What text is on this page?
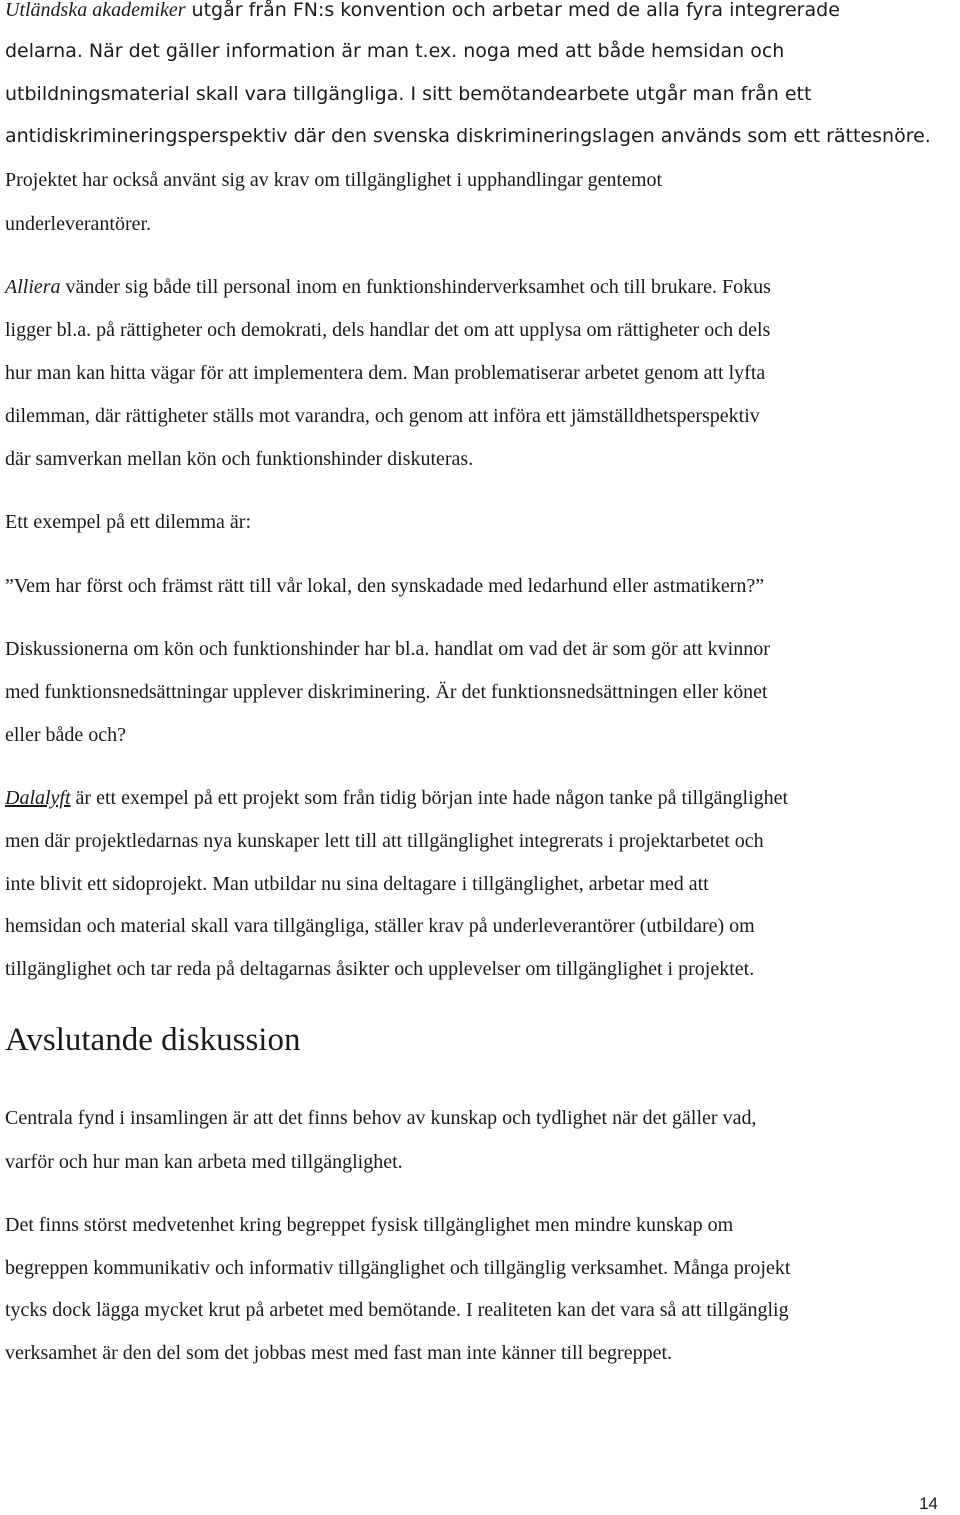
Utländska akademiker utgår från FN:s konvention och arbetar med de alla fyra integrerade
delarna. När det gäller information är man t.ex. noga med att både hemsidan och
utbildningsmaterial skall vara tillgängliga. I sitt bemötandearbete utgår man från ett
antidiskrimineringsperspektiv där den svenska diskrimineringslagen används som ett rättesnöre.
Projektet har också använt sig av krav om tillgänglighet i upphandlingar gentemot
underleverantörer.
Alliera vänder sig både till personal inom en funktionshinderverksamhet och till brukare. Fokus
ligger bl.a. på rättigheter och demokrati, dels handlar det om att upplysa om rättigheter och dels
hur man kan hitta vägar för att implementera dem. Man problematiserar arbetet genom att lyfta
dilemman, där rättigheter ställs mot varandra, och genom att införa ett jämställdhetsperspektiv
där samverkan mellan kön och funktionshinder diskuteras.
Ett exempel på ett dilemma är:
”Vem har först och främst rätt till vår lokal, den synskadade med ledarhund eller astmatikern?”
Diskussionerna om kön och funktionshinder har bl.a. handlat om vad det är som gör att kvinnor
med funktionsnedsättningar upplever diskriminering. Är det funktionsnedsättningen eller könet
eller både och?
Dalalyft är ett exempel på ett projekt som från tidig början inte hade någon tanke på tillgänglighet
men där projektledarnas nya kunskaper lett till att tillgänglighet integrerats i projektarbetet och
inte blivit ett sidoprojekt. Man utbildar nu sina deltagare i tillgänglighet, arbetar med att
hemsidan och material skall vara tillgängliga, ställer krav på underleverantörer (utbildare) om
tillgänglighet och tar reda på deltagarnas åsikter och upplevelser om tillgänglighet i projektet.
Avslutande diskussion
Centrala fynd i insamlingen är att det finns behov av kunskap och tydlighet när det gäller vad,
varför och hur man kan arbeta med tillgänglighet.
Det finns störst medvetenhet kring begreppet fysisk tillgänglighet men mindre kunskap om
begreppen kommunikativ och informativ tillgänglighet och tillgänglig verksamhet. Många projekt
tycks dock lägga mycket krut på arbetet med bemötande. I realiteten kan det vara så att tillgänglig
verksamhet är den del som det jobbas mest med fast man inte känner till begreppet.
14
